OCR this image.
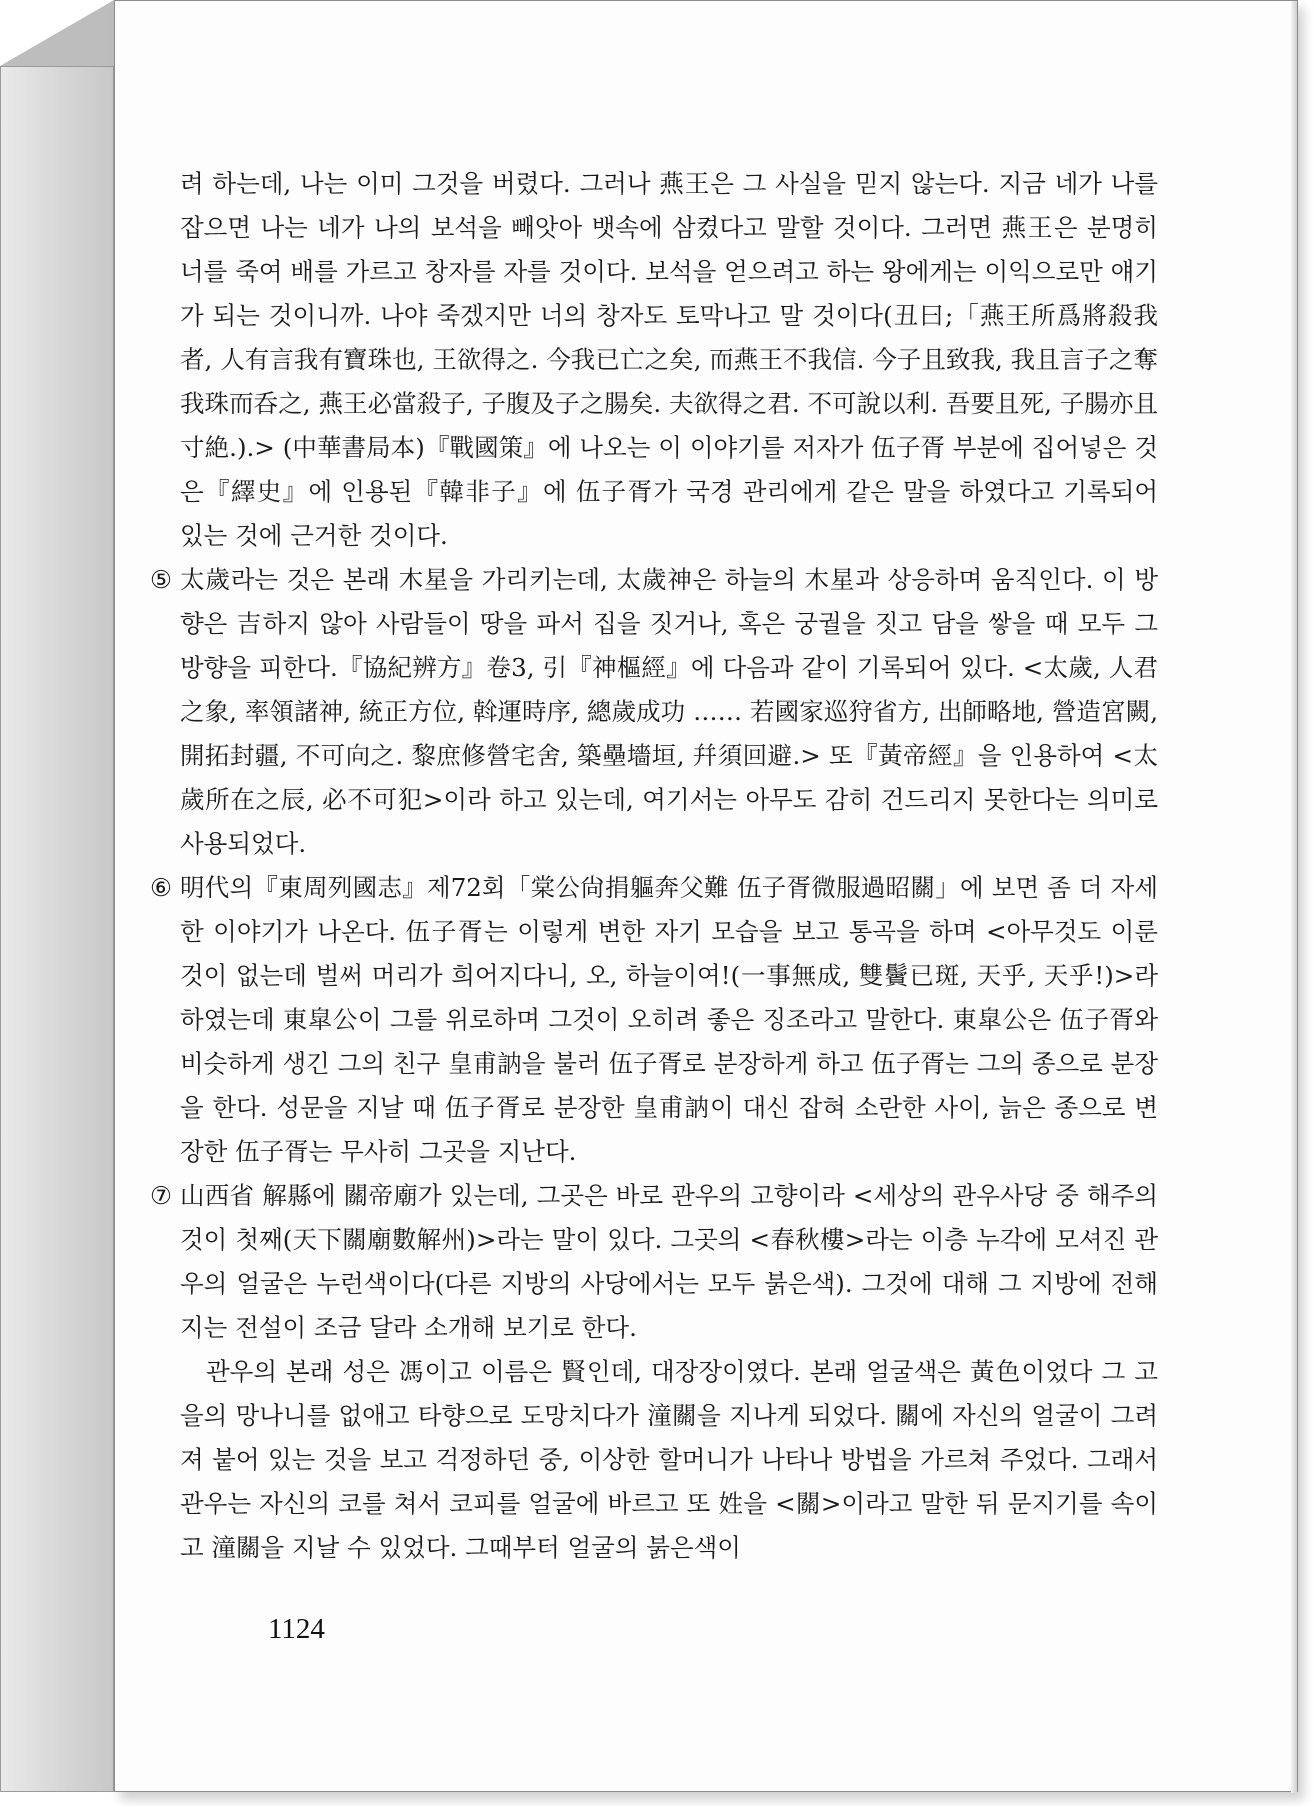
려 하는데, 나는 이미 그것을 버렸다. 그러나 燕王은 그 사실을 믿지 않는다. 지금 네가 나를 잡으면 나는 네가 나의 보석을 빼앗아 뱃속에 삼켰다고 말할 것이다. 그러면 燕王은 분명히 너를 죽여 배를 가르고 창자를 자를 것이다. 보석을 얻으려고 하는 왕에게는 이익으로만 얘기가 되는 것이니까. 나야 죽겠지만 너의 창자도 토막나고 말 것이다(丑曰;「燕王所爲將殺我者, 人有言我有寶珠也, 王欲得之. 今我已亡之矣, 而燕王不我信. 今子且致我, 我且言子之奪我珠而呑之, 燕王必當殺子, 子腹及子之腸矣. 夫欲得之君. 不可說以利. 吾要且死, 子腸亦且寸絶.).> (中華書局本)『戰國策』에 나오는 이 이야기를 저자가 伍子胥 부분에 집어넣은 것은『繹史』에 인용된『韓非子』에 伍子胥가 국경 관리에게 같은 말을 하였다고 기록되어 있는 것에 근거한 것이다.

⑤ 太歲라는 것은 본래 木星을 가리키는데, 太歲神은 하늘의 木星과 상응하며 움직인다. 이 방향은 吉하지 않아 사람들이 땅을 파서 집을 짓거나, 혹은 궁궐을 짓고 담을 쌓을 때 모두 그 방향을 피한다.『協紀辨方』卷3, 引『神樞經』에 다음과 같이 기록되어 있다. <太歲, 人君之象, 率領諸神, 統正方位, 斡運時序, 總歲成功 …… 若國家巡狩省方, 出師略地, 營造宮闕, 開拓封疆, 不可向之. 黎庶修營宅舍, 築壘墻垣, 幷須回避.> 또『黃帝經』을 인용하여 <太歲所在之辰, 必不可犯>이라 하고 있는데, 여기서는 아무도 감히 건드리지 못한다는 의미로 사용되었다.

⑥ 明代의『東周列國志』제72회「棠公尙捐軀奔父難 伍子胥微服過昭關」에 보면 좀 더 자세한 이야기가 나온다. 伍子胥는 이렇게 변한 자기 모습을 보고 통곡을 하며 <아무것도 이룬 것이 없는데 벌써 머리가 희어지다니, 오, 하늘이여!(一事無成, 雙鬢已斑, 天乎, 天乎!)>라 하였는데 東皐公이 그를 위로하며 그것이 오히려 좋은 징조라고 말한다. 東皐公은 伍子胥와 비슷하게 생긴 그의 친구 皇甫訥을 불러 伍子胥로 분장하게 하고 伍子胥는 그의 종으로 분장을 한다. 성문을 지날 때 伍子胥로 분장한 皇甫訥이 대신 잡혀 소란한 사이, 늙은 종으로 변장한 伍子胥는 무사히 그곳을 지난다.

⑦ 山西省 解縣에 關帝廟가 있는데, 그곳은 바로 관우의 고향이라 <세상의 관우사당 중 해주의 것이 첫째(天下關廟數解州)>라는 말이 있다. 그곳의 <春秋樓>라는 이층 누각에 모셔진 관우의 얼굴은 누런색이다(다른 지방의 사당에서는 모두 붉은색). 그것에 대해 그 지방에 전해지는 전설이 조금 달라 소개해 보기로 한다.

관우의 본래 성은 馮이고 이름은 賢인데, 대장장이였다. 본래 얼굴색은 黃色이었다 그 고을의 망나니를 없애고 타향으로 도망치다가 潼關을 지나게 되었다. 關에 자신의 얼굴이 그려져 붙어 있는 것을 보고 걱정하던 중, 이상한 할머니가 나타나 방법을 가르쳐 주었다. 그래서 관우는 자신의 코를 쳐서 코피를 얼굴에 바르고 또 姓을 <關>이라고 말한 뒤 문지기를 속이고 潼關을 지날 수 있었다. 그때부터 얼굴의 붉은색이

1124
